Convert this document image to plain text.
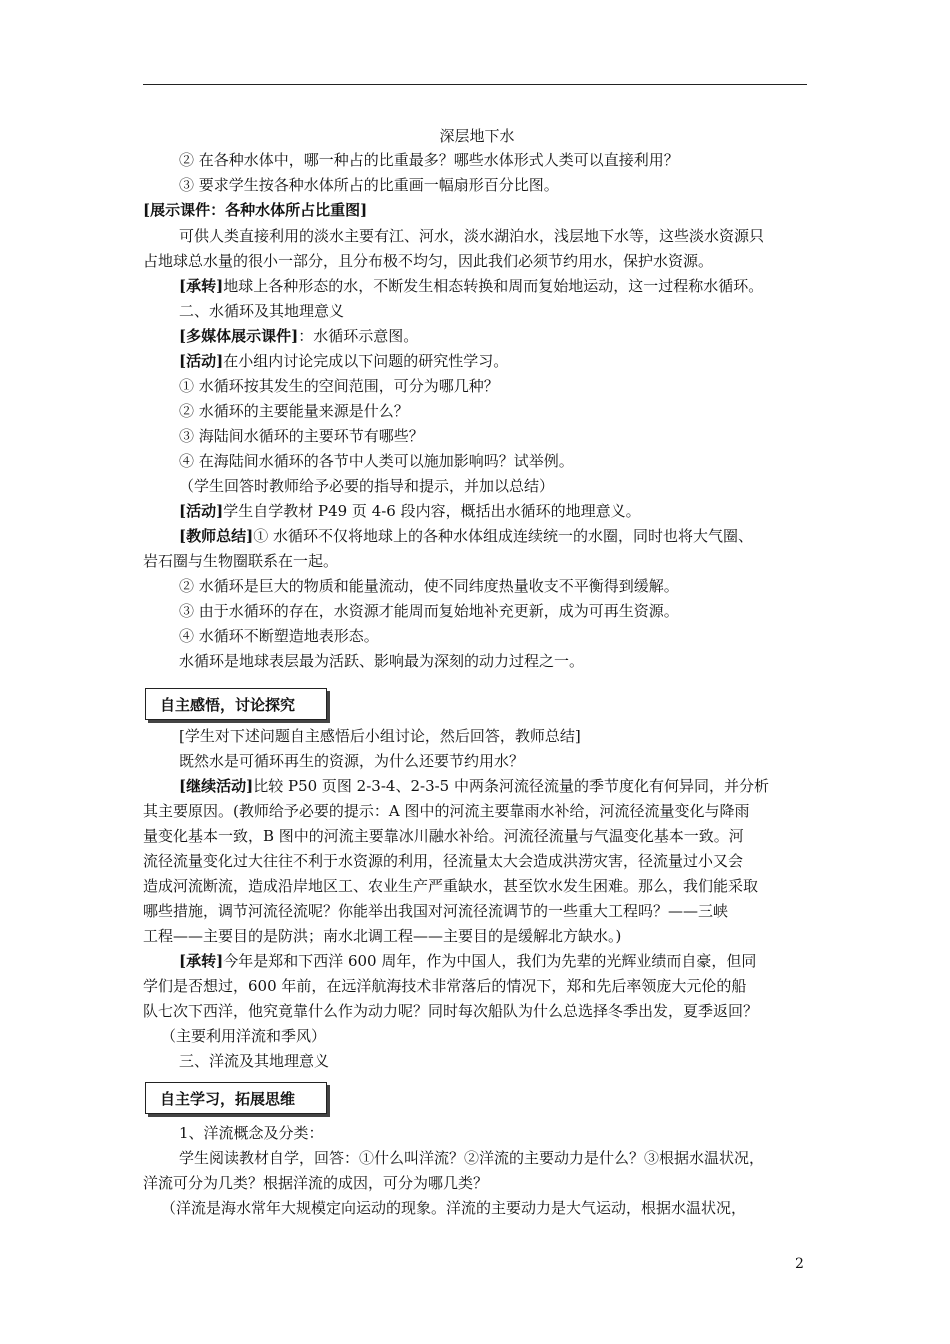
深层地下水
② 在各种水体中，哪一种占的比重最多？哪些水体形式人类可以直接利用？
③ 要求学生按各种水体所占的比重画一幅扇形百分比图。
[展示课件：各种水体所占比重图]
可供人类直接利用的淡水主要有江、河水，淡水湖泊水，浅层地下水等，这些淡水资源只
占地球总水量的很小一部分，且分布极不均匀，因此我们必须节约用水，保护水资源。
[承转]地球上各种形态的水，不断发生相态转换和周而复始地运动，这一过程称水循环。
二、水循环及其地理意义
[多媒体展示课件]：水循环示意图。
[活动]在小组内讨论完成以下问题的研究性学习。
① 水循环按其发生的空间范围，可分为哪几种？
② 水循环的主要能量来源是什么？
③ 海陆间水循环的主要环节有哪些？
④ 在海陆间水循环的各节中人类可以施加影响吗？试举例。
（学生回答时教师给予必要的指导和提示，并加以总结）
[活动]学生自学教材 P49 页 4-6 段内容，概括出水循环的地理意义。
[教师总结]① 水循环不仅将地球上的各种水体组成连续统一的水圈，同时也将大气圈、
岩石圈与生物圈联系在一起。
② 水循环是巨大的物质和能量流动，使不同纬度热量收支不平衡得到缓解。
③ 由于水循环的存在，水资源才能周而复始地补充更新，成为可再生资源。
④ 水循环不断塑造地表形态。
水循环是地球表层最为活跃、影响最为深刻的动力过程之一。
自主感悟，讨论探究
[学生对下述问题自主感悟后小组讨论，然后回答，教师总结]
既然水是可循环再生的资源，为什么还要节约用水？
[继续活动]比较 P50 页图 2-3-4、2-3-5 中两条河流径流量的季节度化有何异同，并分析
其主要原因。(教师给予必要的提示：A 图中的河流主要靠雨水补给，河流径流量变化与降雨
量变化基本一致，B 图中的河流主要靠冰川融水补给。河流径流量与气温变化基本一致。河
流径流量变化过大往往不利于水资源的利用，径流量太大会造成洪涝灾害，径流量过小又会
造成河流断流，造成沿岸地区工、农业生产严重缺水，甚至饮水发生困难。那么，我们能采取
哪些措施，调节河流径流呢？你能举出我国对河流径流调节的一些重大工程吗？——三峡
工程——主要目的是防洪；南水北调工程——主要目的是缓解北方缺水。)
[承转]今年是郑和下西洋 600 周年，作为中国人，我们为先辈的光辉业绩而自豪，但同
学们是否想过，600 年前，在远洋航海技术非常落后的情况下，郑和先后率领庞大元伦的船
队七次下西洋，他究竟靠什么作为动力呢？同时每次船队为什么总选择冬季出发，夏季返回？
（主要利用洋流和季风）
三、洋流及其地理意义
自主学习，拓展思维
1、洋流概念及分类：
学生阅读教材自学，回答：①什么叫洋流？②洋流的主要动力是什么？③根据水温状况，
洋流可分为几类？根据洋流的成因，可分为哪几类？
（洋流是海水常年大规模定向运动的现象。洋流的主要动力是大气运动，根据水温状况，
2
